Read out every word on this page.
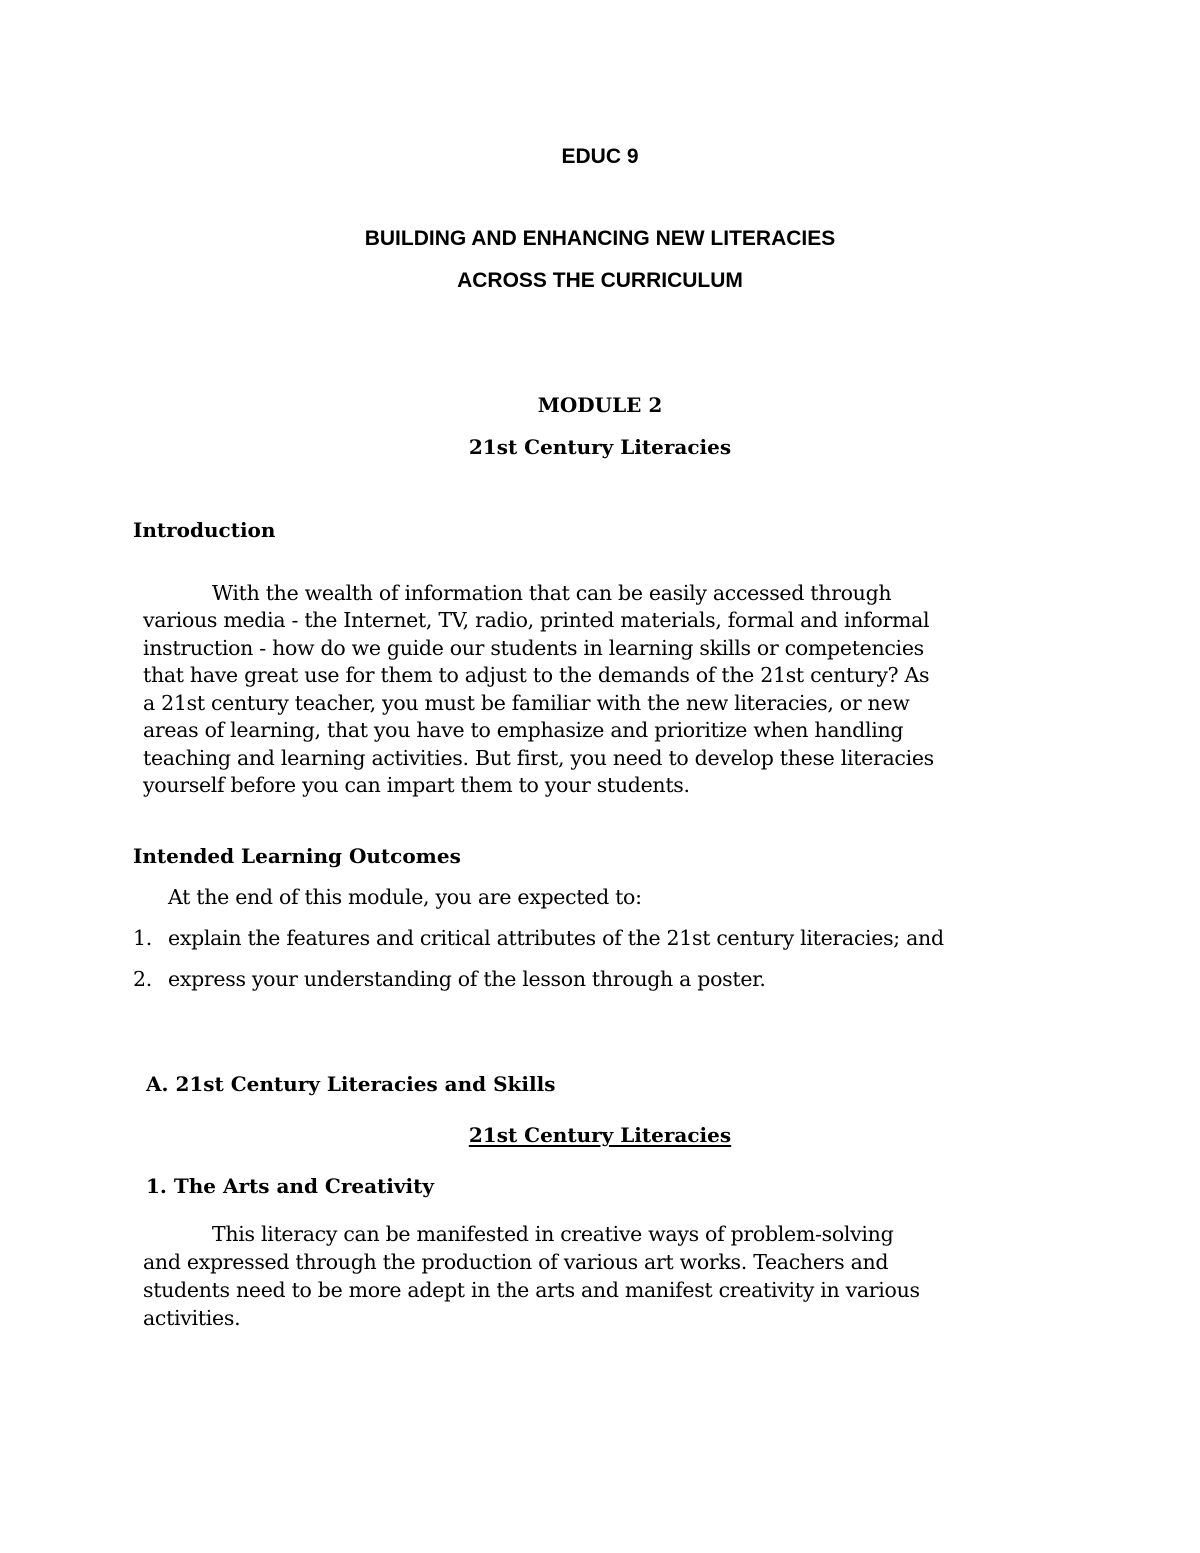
EDUC 9
BUILDING AND ENHANCING NEW LITERACIES
ACROSS THE CURRICULUM
MODULE 2
21st Century Literacies
Introduction
With the wealth of information that can be easily accessed through
various media - the Internet, TV, radio, printed materials, formal and informal
instruction - how do we guide our students in learning skills or competencies
that have great use for them to adjust to the demands of the 21st century? As
a 21st century teacher, you must be familiar with the new literacies, or new
areas of learning, that you have to emphasize and prioritize when handling
teaching and learning activities. But first, you need to develop these literacies
yourself before you can impart them to your students.
Intended Learning Outcomes
At the end of this module, you are expected to:
1. explain the features and critical attributes of the 21st century literacies; and
2. express your understanding of the lesson through a poster.
A. 21st Century Literacies and Skills
21st Century Literacies
1. The Arts and Creativity
This literacy can be manifested in creative ways of problem-solving
and expressed through the production of various art works. Teachers and
students need to be more adept in the arts and manifest creativity in various
activities.
